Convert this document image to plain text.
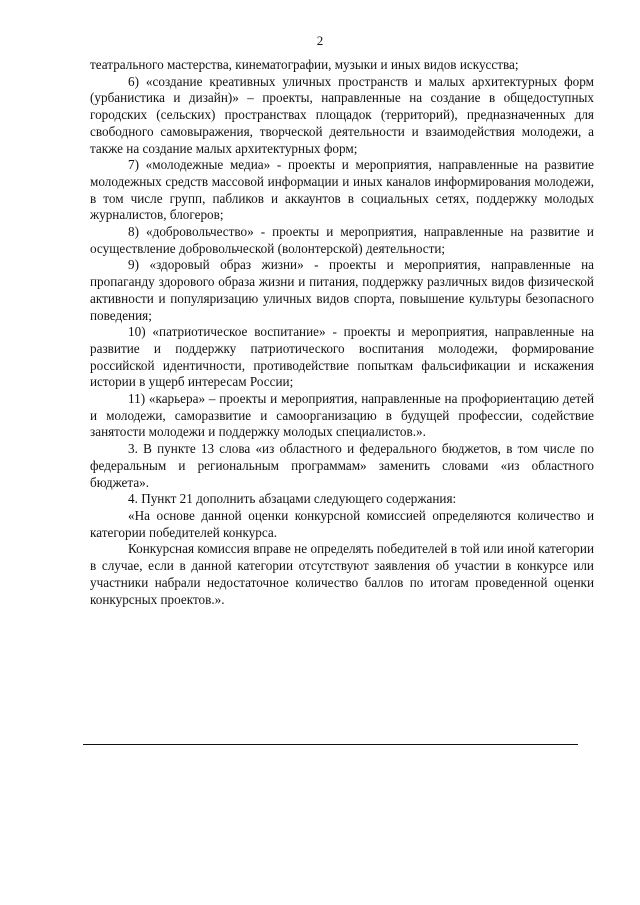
2

театрального мастерства, кинематографии, музыки и иных видов искусства;

6) «создание креативных уличных пространств и малых архитектурных форм (урбанистика и дизайн)» – проекты, направленные на создание в общедоступных городских (сельских) пространствах площадок (территорий), предназначенных для свободного самовыражения, творческой деятельности и взаимодействия молодежи, а также на создание малых архитектурных форм;

7) «молодежные медиа» - проекты и мероприятия, направленные на развитие молодежных средств массовой информации и иных каналов информирования молодежи, в том числе групп, пабликов и аккаунтов в социальных сетях, поддержку молодых журналистов, блогеров;

8) «добровольчество» - проекты и мероприятия, направленные на развитие и осуществление добровольческой (волонтерской) деятельности;

9) «здоровый образ жизни» - проекты и мероприятия, направленные на пропаганду здорового образа жизни и питания, поддержку различных видов физической активности и популяризацию уличных видов спорта, повышение культуры безопасного поведения;

10) «патриотическое воспитание» - проекты и мероприятия, направленные на развитие и поддержку патриотического воспитания молодежи, формирование российской идентичности, противодействие попыткам фальсификации и искажения истории в ущерб интересам России;

11) «карьера» – проекты и мероприятия, направленные на профориентацию детей и молодежи, саморазвитие и самоорганизацию в будущей профессии, содействие занятости молодежи и поддержку молодых специалистов.».

3. В пункте 13 слова «из областного и федерального бюджетов, в том числе по федеральным и региональным программам» заменить словами «из областного бюджета».

4. Пункт 21 дополнить абзацами следующего содержания:

«На основе данной оценки конкурсной комиссией определяются количество и категории победителей конкурса.

Конкурсная комиссия вправе не определять победителей в той или иной категории в случае, если в данной категории отсутствуют заявления об участии в конкурсе или участники набрали недостаточное количество баллов по итогам проведенной оценки конкурсных проектов.».
